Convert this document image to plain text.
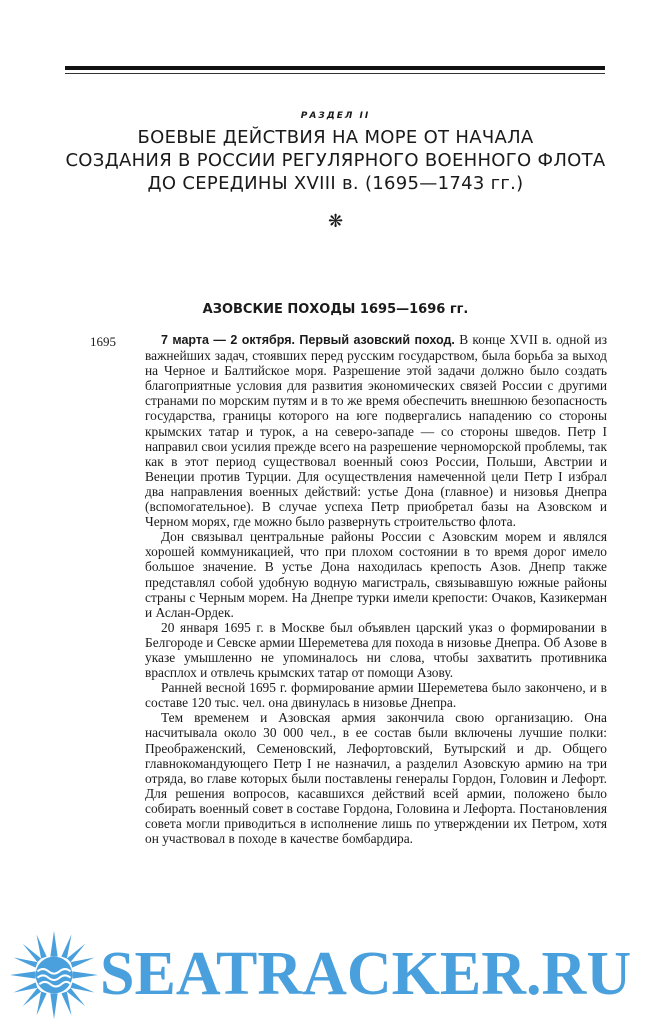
РАЗДЕЛ II
БОЕВЫЕ ДЕЙСТВИЯ НА МОРЕ ОТ НАЧАЛА
СОЗДАНИЯ В РОССИИ РЕГУЛЯРНОГО ВОЕННОГО ФЛОТА
ДО СЕРЕДИНЫ XVIII в. (1695—1743 гг.)
❋
АЗОВСКИЕ ПОХОДЫ 1695—1696 гг.
1695	7 марта — 2 октября. Первый азовский поход. В конце XVII в. одной из важнейших задач, стоявших перед русским государством, была борьба за выход на Черное и Балтийское моря. Разрешение этой задачи должно было создать благоприятные условия для развития экономических связей России с другими странами по морским путям и в то же время обеспечить внешнюю безопасность государства, границы которого на юге подвергались нападению со стороны крымских татар и турок, а на северо-западе — со стороны шведов. Петр I направил свои усилия прежде всего на разрешение черноморской проблемы, так как в этот период существовал военный союз России, Польши, Австрии и Венеции против Турции. Для осуществления намеченной цели Петр I избрал два направления военных действий: устье Дона (главное) и низовья Днепра (вспомогательное). В случае успеха Петр приобретал базы на Азовском и Черном морях, где можно было развернуть строительство флота.

Дон связывал центральные районы России с Азовским морем и являлся хорошей коммуникацией, что при плохом состоянии в то время дорог имело большое значение. В устье Дона находилась крепость Азов. Днепр также представлял собой удобную водную магистраль, связывавшую южные районы страны с Черным морем. На Днепре турки имели крепости: Очаков, Казикерман и Аслан-Ордек.

20 января 1695 г. в Москве был объявлен царский указ о формировании в Белгороде и Севске армии Шереметева для похода в низовье Днепра. Об Азове в указе умышленно не упоминалось ни слова, чтобы захватить противника врасплох и отвлечь крымских татар от помощи Азову.

Ранней весной 1695 г. формирование армии Шереметева было закончено, и в составе 120 тыс. чел. она двинулась в низовье Днепра.

Тем временем и Азовская армия закончила свою организацию. Она насчитывала около 30 000 чел., в ее состав были включены лучшие полки: Преображенский, Семеновский, Лефортовский, Бутырский и др. Общего главнокомандующего Петр I не назначил, а разделил Азовскую армию на три отряда, во главе которых были поставлены генералы Гордон, Головин и Лефорт. Для решения вопросов, касавшихся действий всей армии, положено было собирать военный совет в составе Гордона, Головина и Лефорта. Постановления совета могли приводиться в исполнение лишь по утверждении их Петром, хотя он участвовал в походе в качестве бомбардира.

SEATRACKER.RU
